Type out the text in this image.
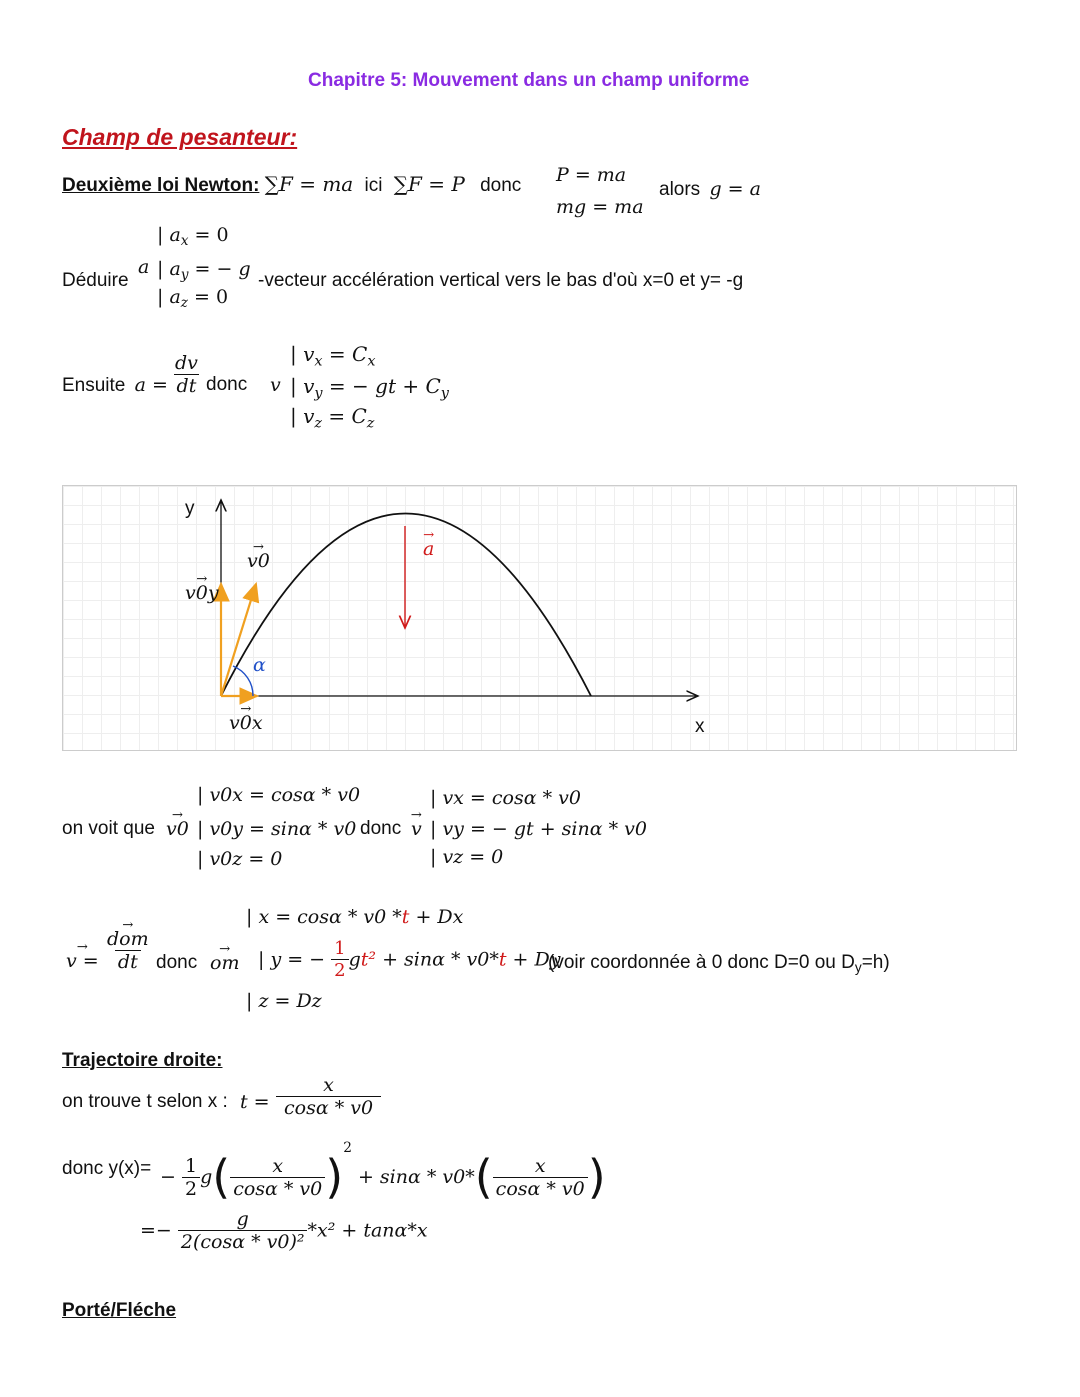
Chapitre 5: Mouvement dans un champ uniforme
Champ de pesanteur:
Deuxième loi Newton: ∑F = ma ici ∑F = P donc P = ma
mg = ma
alors g = a
Déduire
a
| $a_x = 0$
| $a_y$ = − g
| $a_z = 0$
-vecteur accélération vertical vers le bas d'où x=0 et y= -g
Ensuite $a = \frac{dv}{dt}$ donc v
| $v_x = C_x$
| $v_y$ = − gt + $C_y$
| $v_z = C_z$
y
x
→ v0
→ v0y
→ v0x
α
→ a
on voit que → v0
| v0x = cosα * v0
| v0y = sinα * v0
| v0z = 0
donc → v
| vx = cosα * v0
| vy = − gt + sinα * v0
| vz = 0
→ v = → $\frac{\text{dom}}{dt}$ donc → om
| x = cosα * v0 *t + Dx
| y = − $\frac{1}{2} gt^2 + \sin\alpha * v0*t + Dy$
(voir coordonnée à 0 donc D=0 ou $D_y=h$)
| z = Dz
Trajectoire droite:
on trouve t selon x : $t = \frac{x}{\cos\alpha * v0}$
donc $y(x)= - \frac{1}{2} g( \frac{x}{\cos\alpha * v0} )^2 + \sin\alpha * v0*( \frac{x}{\cos\alpha * v0}$ )
=− $\frac{g}{\text{2(cosα * v0)²}} *x^2 + \tan\alpha*x$
Porté/Fléche
